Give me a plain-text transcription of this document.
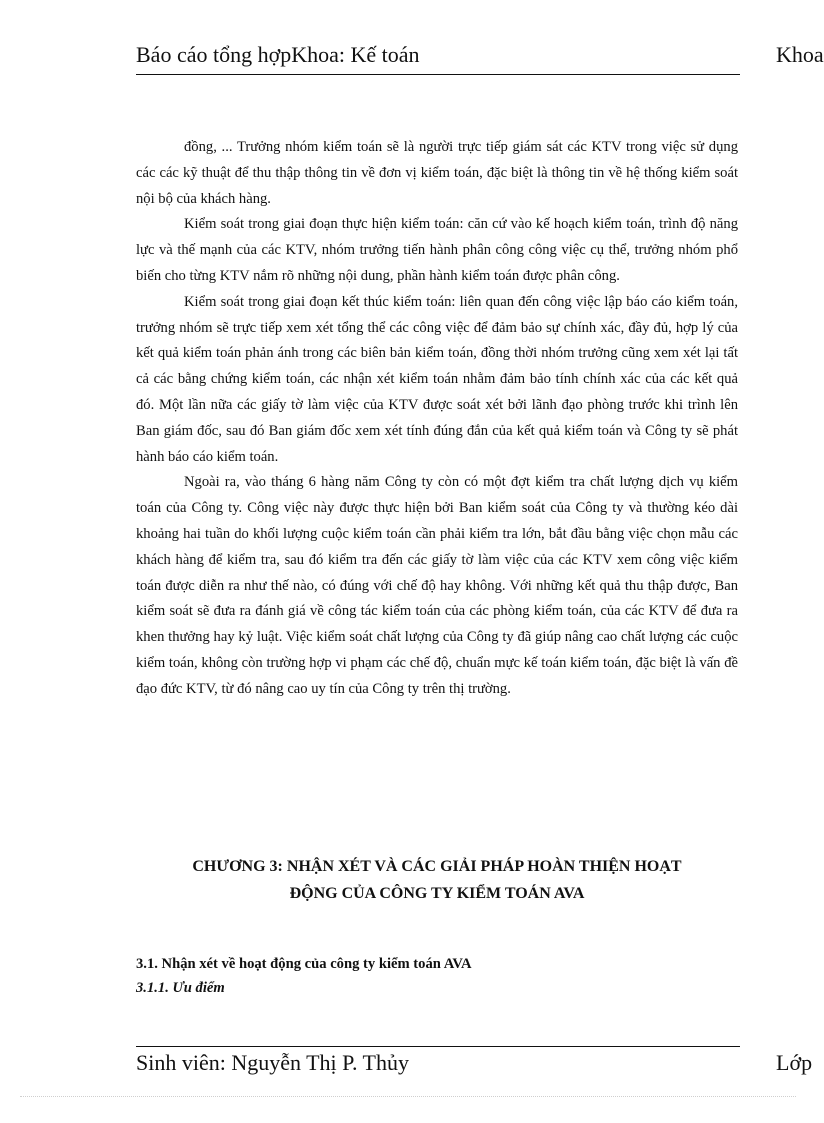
Báo cáo tổng hợpKhoa: Kế toán	Khoa

đồng, ... Trưởng nhóm kiểm toán sẽ là người trực tiếp giám sát các KTV trong việc sử dụng các các kỹ thuật để thu thập thông tin về đơn vị kiểm toán, đặc biệt là thông tin về hệ thống kiểm soát nội bộ của khách hàng.

Kiểm soát trong giai đoạn thực hiện kiểm toán: căn cứ vào kế hoạch kiểm toán, trình độ năng lực và thế mạnh của các KTV, nhóm trưởng tiến hành phân công công việc cụ thể, trưởng nhóm phổ biến cho từng KTV nắm rõ những nội dung, phần hành kiểm toán được phân công.

Kiểm soát trong giai đoạn kết thúc kiểm toán: liên quan đến công việc lập báo cáo kiểm toán, trưởng nhóm sẽ trực tiếp xem xét tổng thể các công việc để đảm bảo sự chính xác, đầy đủ, hợp lý của kết quả kiểm toán phản ánh trong các biên bản kiểm toán, đồng thời nhóm trưởng cũng xem xét lại tất cả các bằng chứng kiểm toán, các nhận xét kiểm toán nhằm đảm bảo tính chính xác của các kết quả đó. Một lần nữa các giấy tờ làm việc của KTV được soát xét bởi lãnh đạo phòng trước khi trình lên Ban giám đốc, sau đó Ban giám đốc xem xét tính đúng đắn của kết quả kiểm toán và Công ty sẽ phát hành báo cáo kiểm toán.

Ngoài ra, vào tháng 6 hàng năm Công ty còn có một đợt kiểm tra chất lượng dịch vụ kiểm toán của Công ty. Công việc này được thực hiện bởi Ban kiểm soát của Công ty và thường kéo dài khoảng hai tuần do khối lượng cuộc kiểm toán cần phải kiểm tra lớn, bắt đầu bằng việc chọn mẫu các khách hàng để kiểm tra, sau đó kiểm tra đến các giấy tờ làm việc của các KTV xem công việc kiểm toán được diễn ra như thế nào, có đúng với chế độ hay không. Với những kết quả thu thập được, Ban kiểm soát sẽ đưa ra đánh giá về công tác kiểm toán của các phòng kiểm toán, của các KTV để đưa ra khen thưởng hay kỷ luật. Việc kiểm soát chất lượng của Công ty đã giúp nâng cao chất lượng các cuộc kiểm toán, không còn trường hợp vi phạm các chế độ, chuẩn mực kế toán kiểm toán, đặc biệt là vấn đề đạo đức KTV, từ đó nâng cao uy tín của Công ty trên thị trường.

CHƯƠNG 3: NHẬN XÉT VÀ CÁC GIẢI PHÁP HOÀN THIỆN HOẠT
ĐỘNG CỦA CÔNG TY KIỂM TOÁN AVA
3.1. Nhận xét về hoạt động của công ty kiểm toán AVA
3.1.1. Ưu điểm
Sinh viên: Nguyễn Thị P. Thủy	Lớp
